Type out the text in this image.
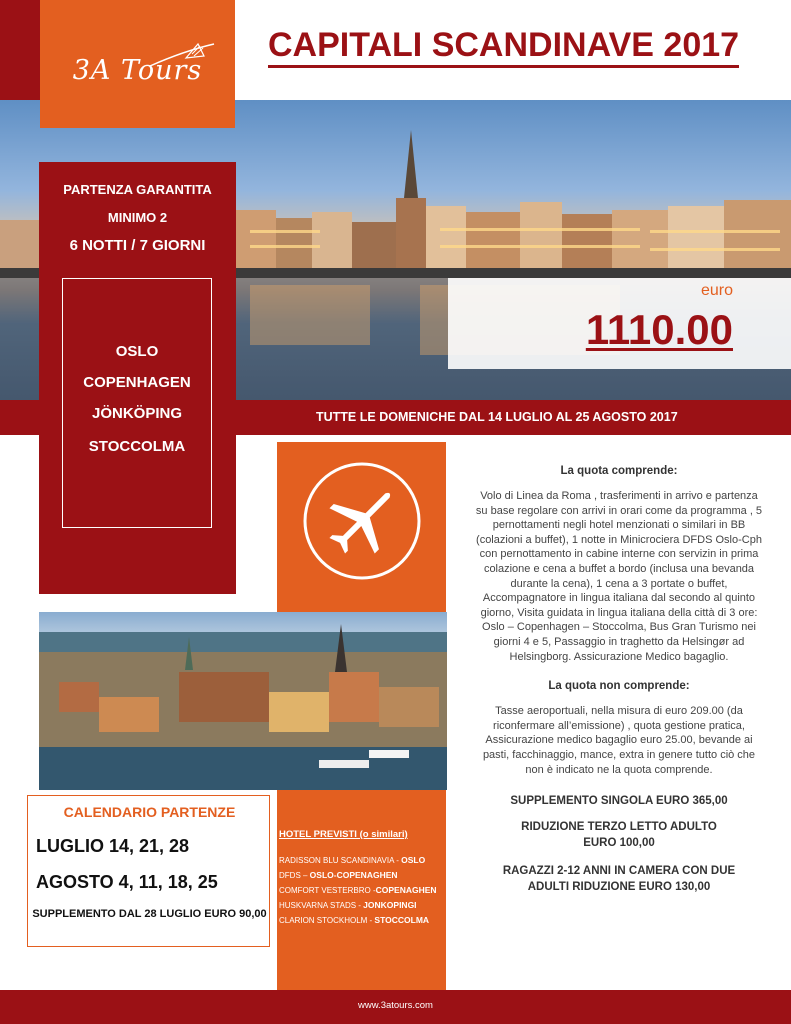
CAPITALI SCANDINAVE 2017
3A Tours
euro
1110.00
TUTTE LE DOMENICHE DAL 14 LUGLIO AL 25 AGOSTO 2017
PARTENZA GARANTITA
MINIMO 2
6 NOTTI / 7 GIORNI
OSLO
COPENHAGEN
JÖNKÖPING
STOCCOLMA
CALENDARIO PARTENZE
LUGLIO 14, 21, 28
AGOSTO 4, 11, 18, 25
SUPPLEMENTO DAL 28 LUGLIO EURO 90,00
HOTEL PREVISTI (o similari)
RADISSON BLU SCANDINAVIA - OSLO
DFDS – OSLO-COPENAGHEN
COMFORT VESTERBRO -COPENAGHEN
HUSKVARNA STADS - JONKOPINGI
CLARION STOCKHOLM - STOCCOLMA
La quota comprende:
Volo di Linea da Roma , trasferimenti in arrivo e partenza su base regolare con arrivi in orari come da programma , 5 pernottamenti negli hotel menzionati o similari in BB (colazioni a buffet), 1 notte in Minicrociera DFDS Oslo-Cph con pernottamento in cabine interne con servizin in prima colazione e cena a buffet a bordo (inclusa una bevanda durante la cena), 1 cena a 3 portate o buffet, Accompagnatore in lingua italiana dal secondo al quinto giorno, Visita guidata in lingua italiana della città di 3 ore: Oslo – Copenhagen – Stoccolma, Bus Gran Turismo nei giorni 4 e 5, Passaggio in traghetto da Helsingør ad Helsingborg. Assicurazione Medico bagaglio.
La quota non comprende:
Tasse aeroportuali, nella misura di euro 209.00 (da riconfermare all’emissione) , quota gestione pratica, Assicurazione medico bagaglio euro 25.00, bevande ai pasti, facchinaggio, mance, extra in genere tutto ciò che non è indicato ne la quota comprende.
SUPPLEMENTO SINGOLA EURO 365,00
RIDUZIONE TERZO LETTO ADULTO EURO 100,00
RAGAZZI 2-12 ANNI IN CAMERA CON DUE ADULTI RIDUZIONE EURO 130,00
www.3atours.com
